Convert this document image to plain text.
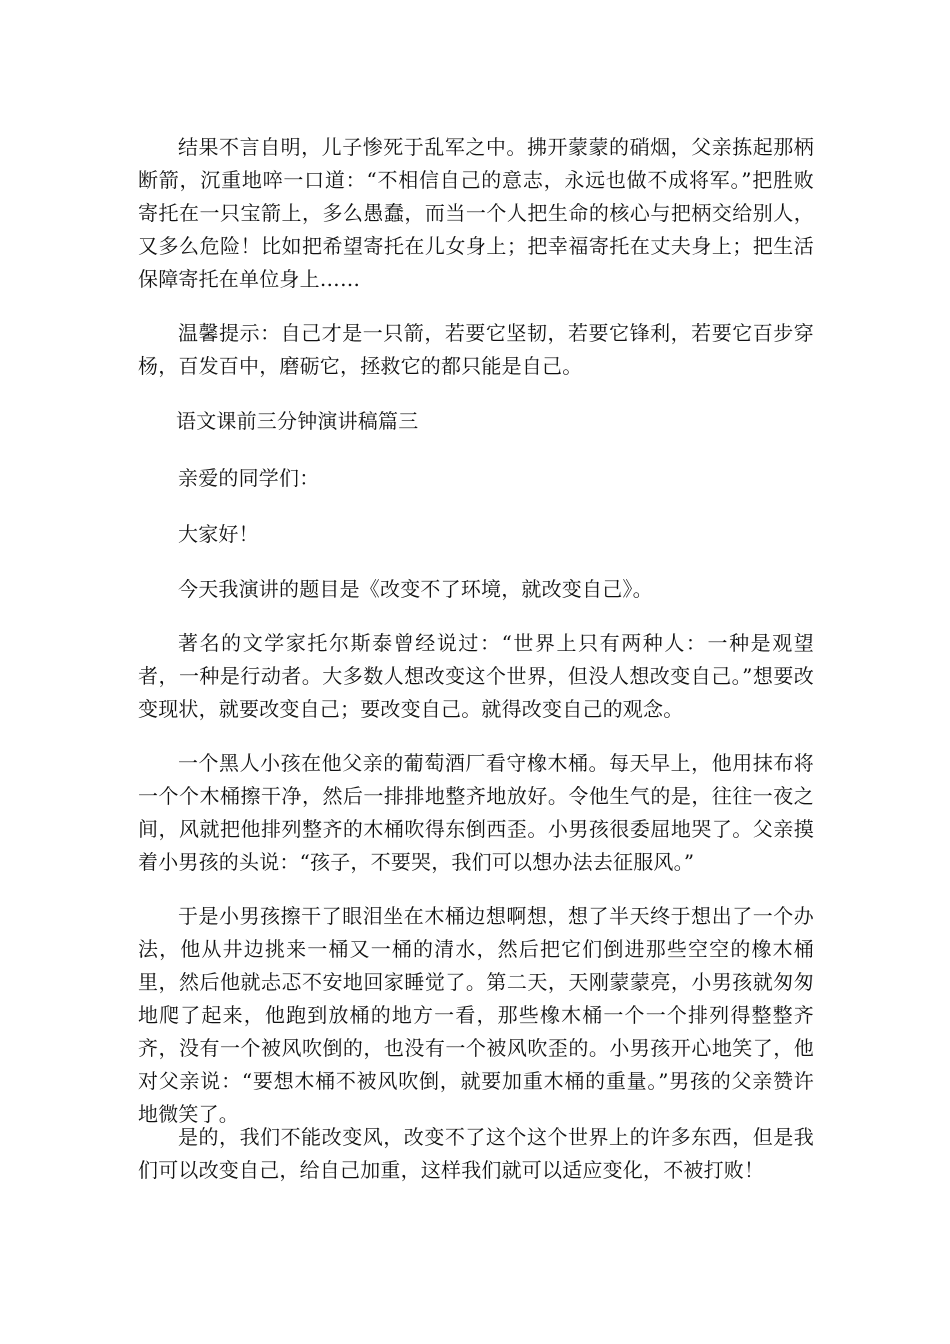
结果不言自明，儿子惨死于乱军之中。拂开蒙蒙的硝烟，父亲拣起那柄断箭，沉重地啐一口道：“不相信自己的意志，永远也做不成将军。”把胜败寄托在一只宝箭上，多么愚蠢，而当一个人把生命的核心与把柄交给别人，又多么危险！比如把希望寄托在儿女身上；把幸福寄托在丈夫身上；把生活保障寄托在单位身上……

温馨提示：自己才是一只箭，若要它坚韧，若要它锋利，若要它百步穿杨，百发百中，磨砺它，拯救它的都只能是自己。

语文课前三分钟演讲稿篇三

亲爱的同学们：

大家好！

今天我演讲的题目是《改变不了环境，就改变自己》。

著名的文学家托尔斯泰曾经说过：“世界上只有两种人：一种是观望者，一种是行动者。大多数人想改变这个世界，但没人想改变自己。”想要改变现状，就要改变自己；要改变自己。就得改变自己的观念。

一个黑人小孩在他父亲的葡萄酒厂看守橡木桶。每天早上，他用抹布将一个个木桶擦干净，然后一排排地整齐地放好。令他生气的是，往往一夜之间，风就把他排列整齐的木桶吹得东倒西歪。小男孩很委屈地哭了。父亲摸着小男孩的头说：“孩子，不要哭，我们可以想办法去征服风。”

于是小男孩擦干了眼泪坐在木桶边想啊想，想了半天终于想出了一个办法，他从井边挑来一桶又一桶的清水，然后把它们倒进那些空空的橡木桶里，然后他就忐忑不安地回家睡觉了。第二天，天刚蒙蒙亮，小男孩就匆匆地爬了起来，他跑到放桶的地方一看，那些橡木桶一个一个排列得整整齐齐，没有一个被风吹倒的，也没有一个被风吹歪的。小男孩开心地笑了，他对父亲说：“要想木桶不被风吹倒，就要加重木桶的重量。”男孩的父亲赞许地微笑了。

是的，我们不能改变风，改变不了这个这个世界上的许多东西，但是我们可以改变自己，给自己加重，这样我们就可以适应变化，不被打败！
